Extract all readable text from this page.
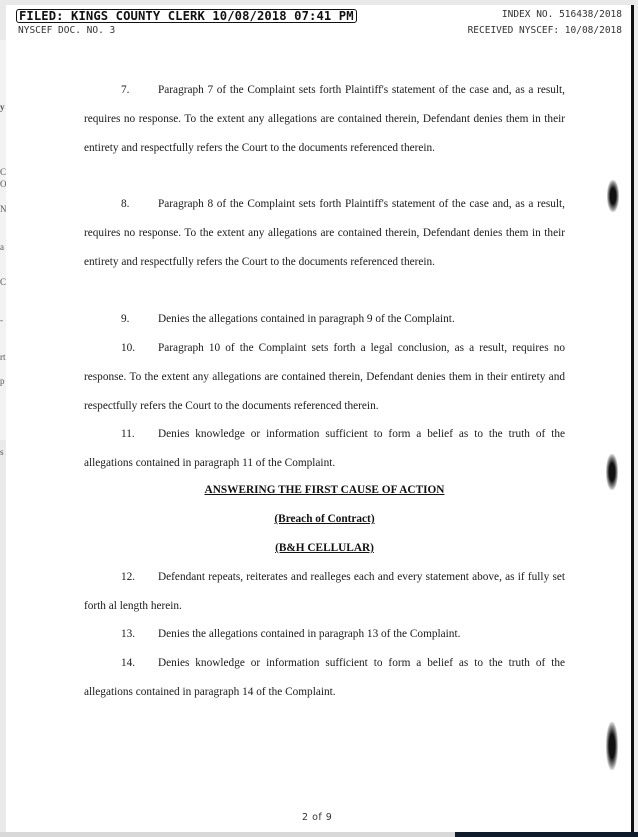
y
C
O
N
a
C
-
rt
p
s
FILED: KINGS COUNTY CLERK 10/08/2018 07:41 PM
NYSCEF DOC. NO. 3
INDEX NO. 516438/2018
RECEIVED NYSCEF: 10/08/2018
7.	Paragraph 7 of the Complaint sets forth Plaintiff's statement of the case and, as a result, requires no response. To the extent any allegations are contained therein, Defendant denies them in their entirety and respectfully refers the Court to the documents referenced therein.
8.	Paragraph 8 of the Complaint sets forth Plaintiff's statement of the case and, as a result, requires no response. To the extent any allegations are contained therein, Defendant denies them in their entirety and respectfully refers the Court to the documents referenced therein.
9.	Denies the allegations contained in paragraph 9 of the Complaint.
10. Paragraph 10 of the Complaint sets forth a legal conclusion, as a result, requires no response. To the extent any allegations are contained therein, Defendant denies them in their entirety and respectfully refers the Court to the documents referenced therein.
11. Denies knowledge or information sufficient to form a belief as to the truth of the allegations contained in paragraph 11 of the Complaint.
ANSWERING THE FIRST CAUSE OF ACTION
(Breach of Contract)
(B&H CELLULAR)
12. Defendant repeats, reiterates and realleges each and every statement above, as if fully set forth al length herein.
13. Denies the allegations contained in paragraph 13 of the Complaint.
14. Denies knowledge or information sufficient to form a belief as to the truth of the allegations contained in paragraph 14 of the Complaint.
2 of 9
